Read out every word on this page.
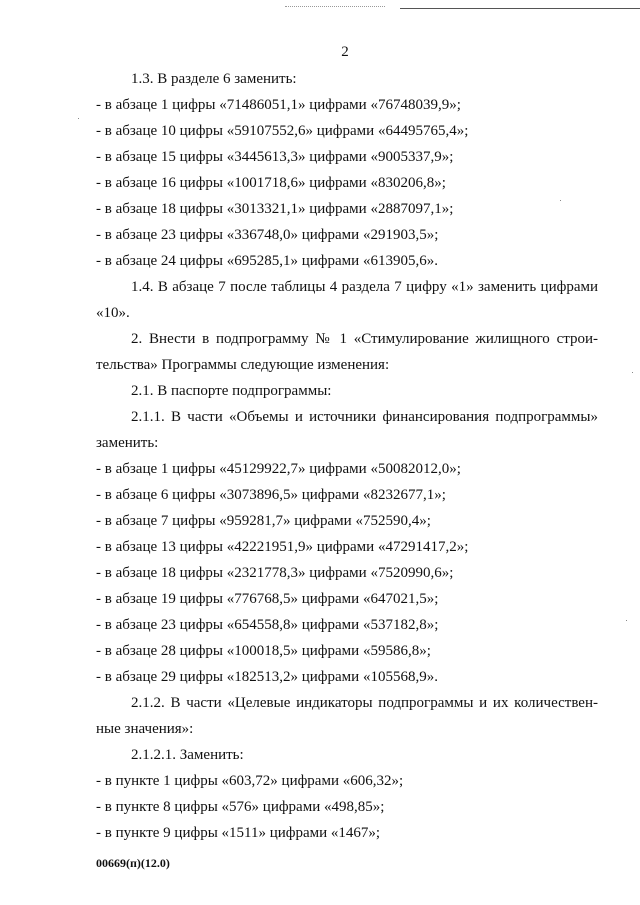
2
1.3. В разделе 6 заменить:
- в абзаце 1 цифры «71486051,1» цифрами «76748039,9»;
- в абзаце 10 цифры «59107552,6» цифрами «64495765,4»;
- в абзаце 15 цифры «3445613,3» цифрами «9005337,9»;
- в абзаце 16 цифры «1001718,6» цифрами «830206,8»;
- в абзаце 18 цифры «3013321,1» цифрами «2887097,1»;
- в абзаце 23 цифры «336748,0» цифрами «291903,5»;
- в абзаце 24 цифры «695285,1» цифрами «613905,6».
1.4. В абзаце 7 после таблицы 4 раздела 7 цифру «1» заменить цифрами
«10».
2. Внести в подпрограмму № 1 «Стимулирование жилищного строи-
тельства» Программы следующие изменения:
2.1. В паспорте подпрограммы:
2.1.1. В части «Объемы и источники финансирования подпрограммы»
заменить:
- в абзаце 1 цифры «45129922,7» цифрами «50082012,0»;
- в абзаце 6 цифры «3073896,5» цифрами «8232677,1»;
- в абзаце 7 цифры «959281,7» цифрами «752590,4»;
- в абзаце 13 цифры «42221951,9» цифрами «47291417,2»;
- в абзаце 18 цифры «2321778,3» цифрами «7520990,6»;
- в абзаце 19 цифры «776768,5» цифрами «647021,5»;
- в абзаце 23 цифры «654558,8» цифрами «537182,8»;
- в абзаце 28 цифры «100018,5» цифрами «59586,8»;
- в абзаце 29 цифры «182513,2» цифрами «105568,9».
2.1.2. В части «Целевые индикаторы подпрограммы и их количествен-
ные значения»:
2.1.2.1. Заменить:
- в пункте 1 цифры «603,72» цифрами «606,32»;
- в пункте 8 цифры «576» цифрами «498,85»;
- в пункте 9 цифры «1511» цифрами «1467»;
00669(п)(12.0)
